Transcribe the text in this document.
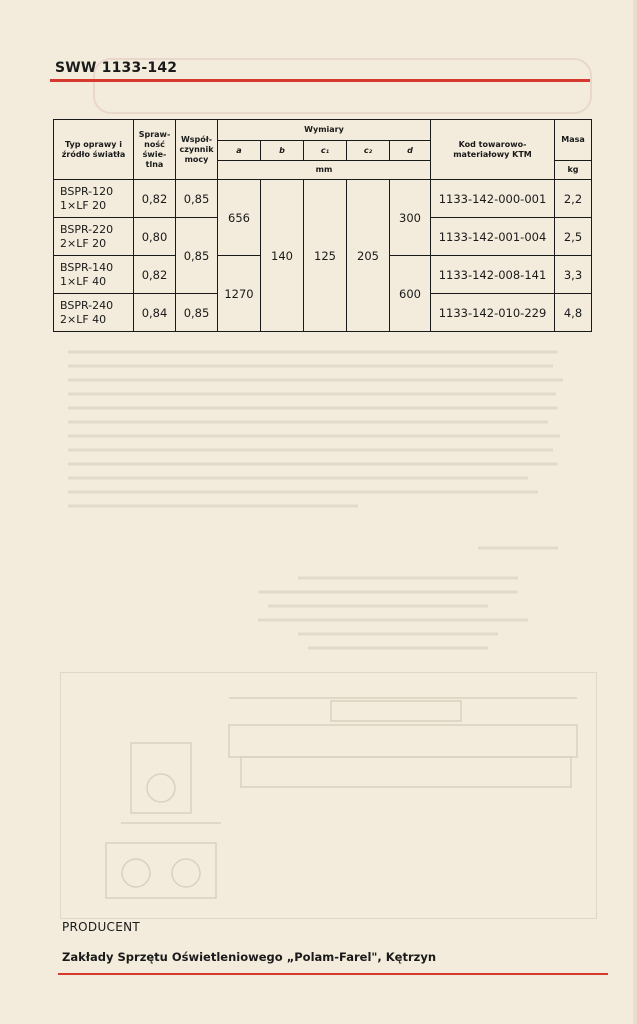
SWW 1133-142
Typ oprawy i źródło światła	Spraw-ność świe-tlna	Współ-czynnik mocy	Wymiary					Kod towarowo-materiałowy KTM	Masa
			a	b	c₁	c₂	d		
			mm						kg

BSPR-120
1×LF 20	0,82	0,85	656	140	125	205	300	1133-142-000-001	2,2

BSPR-220
2×LF 20	0,80	0,85						1133-142-001-004	2,5

BSPR-140
1×LF 40	0,82		1270				600	1133-142-008-141	3,3

BSPR-240
2×LF 40	0,84	0,85						1133-142-010-229	4,8
PRODUCENT
Zakłady Sprzętu Oświetleniowego „Polam-Farel", Kętrzyn
